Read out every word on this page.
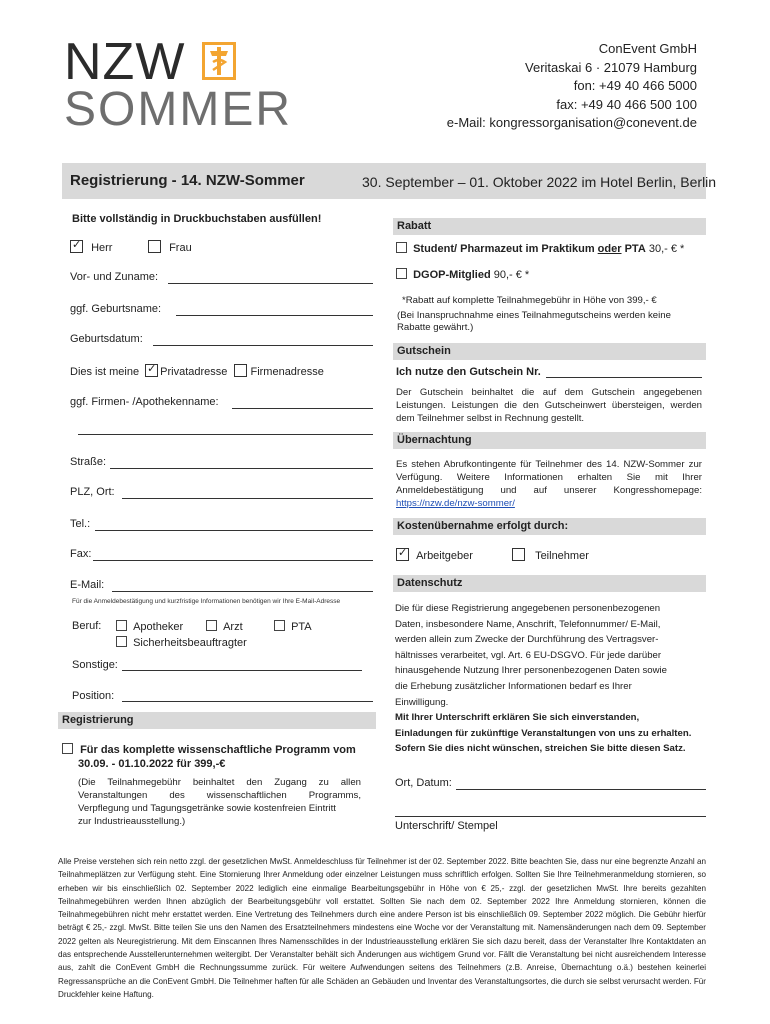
NZW
SOMMER
ConEvent GmbH
Veritaskai 6 · 21079 Hamburg
fon: +49 40 466 5000
fax: +49 40 466 500 100
e-Mail: kongressorganisation@conevent.de
Registrierung - 14. NZW-Sommer	30. September – 01. Oktober 2022 im Hotel Berlin, Berlin
Bitte vollständig in Druckbuchstaben ausfüllen!
✓ Herr	Frau
Vor- und Zuname:
ggf. Geburtsname:
Geburtsdatum:
Dies ist meine ✓ Privatadresse Firmenadresse
ggf. Firmen- /Apothekenname:
Straße:
PLZ, Ort:
Tel.:
Fax:
E-Mail:
Für die Anmeldebestätigung und kurzfristige Informationen benötigen wir Ihre E-Mail-Adresse
Beruf:	Apotheker	Arzt	PTA
Sicherheitsbeauftragter
Sonstige:
Position:
Registrierung
Für das komplette wissenschaftliche Programm vom
30.09. - 01.10.2022 für 399,-€
(Die Teilnahmegebühr beinhaltet den Zugang zu allen
Veranstaltungen des wissenschaftlichen Programms,
Verpflegung und Tagungsgetränke sowie kostenfreien Eintritt
zur Industrieausstellung.)
Rabatt
Student/ Pharmazeut im Praktikum oder PTA 30,- € *
DGOP-Mitglied 90,- € *
*Rabatt auf komplette Teilnahmegebühr in Höhe von 399,- €
(Bei Inanspruchnahme eines Teilnahmegutscheins werden keine
Rabatte gewährt.)
Gutschein
Ich nutze den Gutschein Nr.
Der Gutschein beinhaltet die auf dem Gutschein angegebenen Leistungen. Leistungen die den Gutscheinwert übersteigen, werden dem Teilnehmer selbst in Rechnung gestellt.
Übernachtung
Es stehen Abrufkontingente für Teilnehmer des 14. NZW-Sommer zur Verfügung. Weitere Informationen erhalten Sie mit Ihrer Anmeldebestätigung und auf unserer Kongresshomepage: https://nzw.de/nzw-sommer/
Kostenübernahme erfolgt durch:
✓ Arbeitgeber	Teilnehmer
Datenschutz
Die für diese Registrierung angegebenen personenbezogenen
Daten, insbesondere Name, Anschrift, Telefonnummer/ E-Mail,
werden allein zum Zwecke der Durchführung des Vertragsver-
hältnisses verarbeitet, vgl. Art. 6 EU-DSGVO. Für jede darüber
hinausgehende Nutzung Ihrer personenbezogenen Daten sowie
die Erhebung zusätzlicher Informationen bedarf es Ihrer
Einwilligung.
Mit Ihrer Unterschrift erklären Sie sich einverstanden,
Einladungen für zukünftige Veranstaltungen von uns zu erhalten.
Sofern Sie dies nicht wünschen, streichen Sie bitte diesen Satz.
Ort, Datum:
Unterschrift/ Stempel
Alle Preise verstehen sich rein netto zzgl. der gesetzlichen MwSt. Anmeldeschluss für Teilnehmer ist der 02. September 2022. Bitte beachten Sie, dass nur eine begrenzte Anzahl an Teilnahmeplätzen zur Verfügung steht. Eine Stornierung Ihrer Anmeldung oder einzelner Leistungen muss schriftlich erfolgen. Sollten Sie Ihre Teilnehmeranmeldung stornieren, so erheben wir bis einschließlich 02. September 2022 lediglich eine einmalige Bearbeitungsgebühr in Höhe von € 25,- zzgl. der gesetzlichen MwSt. Ihre bereits gezahlten Teilnahmegebühren werden Ihnen abzüglich der Bearbeitungsgebühr voll erstattet. Sollten Sie nach dem 02. September 2022 Ihre Anmeldung stornieren, können die Teilnahmegebühren nicht mehr erstattet werden. Eine Vertretung des Teilnehmers durch eine andere Person ist bis einschließlich 09. September 2022 möglich. Die Gebühr hierfür beträgt € 25,- zzgl. MwSt. Bitte teilen Sie uns den Namen des Ersatzteilnehmers mindestens eine Woche vor der Veranstaltung mit. Namensänderungen nach dem 09. September 2022 gelten als Neuregistrierung. Mit dem Einscannen Ihres Namensschildes in der Industrieausstellung erklären Sie sich dazu bereit, dass der Veranstalter Ihre Kontaktdaten an das entsprechende Ausstellerunternehmen weitergibt. Der Veranstalter behält sich Änderungen aus wichtigem Grund vor. Fällt die Veranstaltung bei nicht ausreichendem Interesse aus, zahlt die ConEvent GmbH die Rechnungssumme zurück. Für weitere Aufwendungen seitens des Teilnehmers (z.B. Anreise, Übernachtung o.ä.) bestehen keinerlei Regressansprüche an die ConEvent GmbH. Die Teilnehmer haften für alle Schäden an Gebäuden und Inventar des Veranstaltungsortes, die durch sie selbst verursacht werden. Für Druckfehler keine Haftung.
